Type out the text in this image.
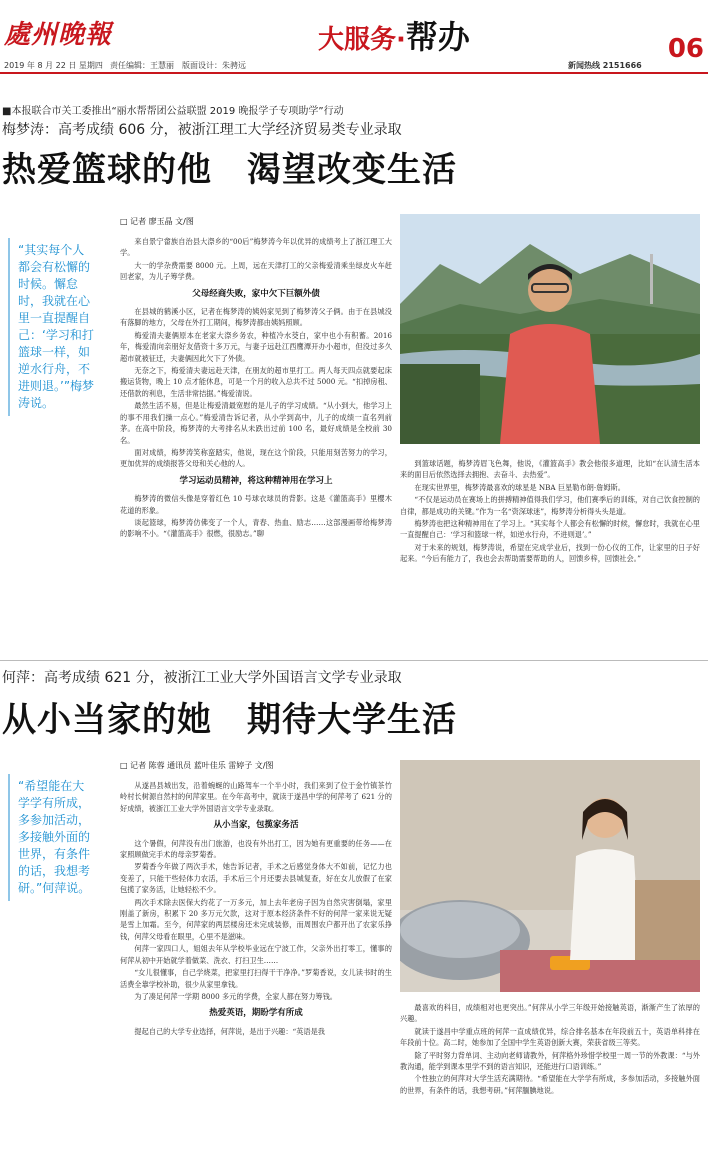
處州晚報	大服务·帮办	06
2019 年 8 月 22 日 星期四 责任编辑：王慧丽　版面设计：朱骋远	新闻热线 2151666
■本报联合市关工委推出“丽水帮帮团公益联盟 2019 晚报学子专项助学”行动
梅梦涛：高考成绩 606 分，被浙江理工大学经济贸易类专业录取
热爱篮球的他　 渴望改变生活
“其实每个人都会有松懈的时候。懈怠时，我就在心里一直提醒自己：‘学习和打篮球一样，如逆水行舟，不进则退。’”梅梦涛说。
□ 记者 廖玉晶 文/图

来自景宁畲族自治县大漈乡的“00后”梅梦涛今年以优异的成绩考上了浙江理工大学。

大一的学杂费需要 8000 元。上周，远在天津打工的父亲梅爱清乘坐绿皮火车赶回老家，为儿子筹学费。

父母经商失败，家中欠下巨额外债

在县城的鹤溪小区，记者在梅梦涛的姨妈家见到了梅梦涛父子俩。由于在县城没有落脚的地方，父母在外打工期间，梅梦涛都由姨妈照顾。

梅爱清夫妻俩原本在老家大漈乡务农，种植冷水茭白，家中也小有积蓄。2016 年，梅爱清向亲朋好友借资十多万元，与妻子远赴江西鹰潭开办小超市，但没过多久超市就被征迁，夫妻俩因此欠下了外债。

无奈之下，梅爱清夫妻远赴天津，在朋友的超市里打工。两人每天四点就要起床搬运货物，晚上 10 点才能休息，可是一个月的收入总共不过 5000 元。“扣掉房租、还借款的利息，生活非常拮据。”梅爱清说。

最然生活不易，但是让梅爱清最宽慰的是儿子的学习成绩。“从小到大，他学习上的事不用我们操一点心。”梅爱清告诉记者，从小学到高中，儿子的成绩一直名列前茅。在高中阶段，梅梦涛的大考排名从未跌出过前 100 名，最好成绩是全校前 30 名。

面对成绩，梅梦涛笑称蛮踏实，他说，现在这个阶段，只能用刻苦努力的学习，更加优异的成绩报答父母和关心他的人。

学习运动员精神，将这种精神用在学习上

梅梦涛的微信头像是穿着红色 10 号球衣球员的背影。这是《灌篮高手》里樱木花道的形象。

谈起篮球，梅梦涛仿佛变了一个人，青春、热血、励志……这部漫画带给梅梦涛的影响不小。“《灌篮高手》很燃，很励志。”聊

到篮球话题，梅梦涛眉飞色舞，他说，《灌篮高手》教会他很多道理，比如“在认清生活本来的面目后依然选择去拥抱、去奋斗、去热爱”。

在现实世界里，梅梦涛最喜欢的球星是 NBA 巨星勒布朗·詹姆斯。

“不仅是运动员在赛场上的拼搏精神值得我们学习，他们赛季后的训练，对自己饮食控制的自律，都是成功的关键。”作为一名“资深球迷”，梅梦涛分析得头头是道。

梅梦涛也把这种精神用在了学习上。“其实每个人都会有松懈的时候，懈怠时，我就在心里一直提醒自己：‘学习和篮球一样，如逆水行舟，不进则退’。”

对于未来的规划，梅梦涛说，希望在完成学业后，找到一份心仪的工作，让家里的日子好起来。“今后有能力了，我也会去帮助需要帮助的人，回馈乡梓，回馈社会。”

何萍：高考成绩 621 分，被浙江工业大学外国语言文学专业录取
从小当家的她　 期待大学生活
“希望能在大学学有所成，多参加活动，多接触外面的世界，有条件的话，我想考研。”何萍说。
□ 记者 陈蓉 通讯员 蓝叶佳乐 雷婷子 文/图

从遂昌县城出发，沿着蜿蜒的山路驾车一个半小时，我们来到了位于金竹镇茶竹岭村长树源自然村的何萍家里。在今年高考中，就读于遂昌中学的何萍考了 621 分的好成绩，被浙江工业大学外国语言文学专业录取。

从小当家，包揽家务活

这个暑假，何萍没有出门旅游，也没有外出打工，因为她有更重要的任务——在家照顾做完手术的母亲罗菊香。

罗菊香今年做了两次手术，她告诉记者，手术之后感觉身体大不如前，记忆力也变差了，只能干些轻体力农活，手术后三个月还要去县城复查，好在女儿放假了在家包揽了家务活，让她轻松不少。

两次手术除去医保大约花了一万多元，加上去年老房子因为自然灾害倒塌，家里刚盖了新房，积累下 20 多万元欠款，这对于原本经济条件不好的何萍一家来说无疑是雪上加霜。至今，何萍家的两层楼房还未完成装修，而周围农户都开出了农家乐挣钱，何萍父母看在眼里，心里不是滋味。

何萍一家四口人，姐姐去年从学校毕业远在宁波工作，父亲外出打零工，懂事的何萍从初中开始就学着做菜、洗衣、打扫卫生……

“女儿很懂事，自己学烧菜，把家里打扫得干干净净。”罗菊香说，女儿读书时的生活费全靠学校补助，很少从家里拿钱。

为了凑足何萍一学期 8000 多元的学费，全家人都在努力筹钱。

热爱英语，期盼学有所成

提起自己的大学专业选择，何萍说，是出于兴趣：“英语是我

最喜欢的科目，成绩相对也更突出。”何萍从小学三年级开始接触英语，渐渐产生了浓厚的兴趣。

就读于遂昌中学重点班的何萍一直成绩优异，综合排名基本在年段前五十，英语单科排在年段前十位。高二时，她参加了全国中学生英语创新大赛，荣获省级三等奖。

除了平时努力背单词、主动向老师请教外，何萍格外珍惜学校里一周一节的外教课：“与外教沟通，能学到课本里学不到的语言知识，还能进行口语训练。”

个性独立的何萍对大学生活充满期待。“希望能在大学学有所成，多参加活动，多接触外面的世界，有条件的话，我想考研。”何萍腼腆地说。
